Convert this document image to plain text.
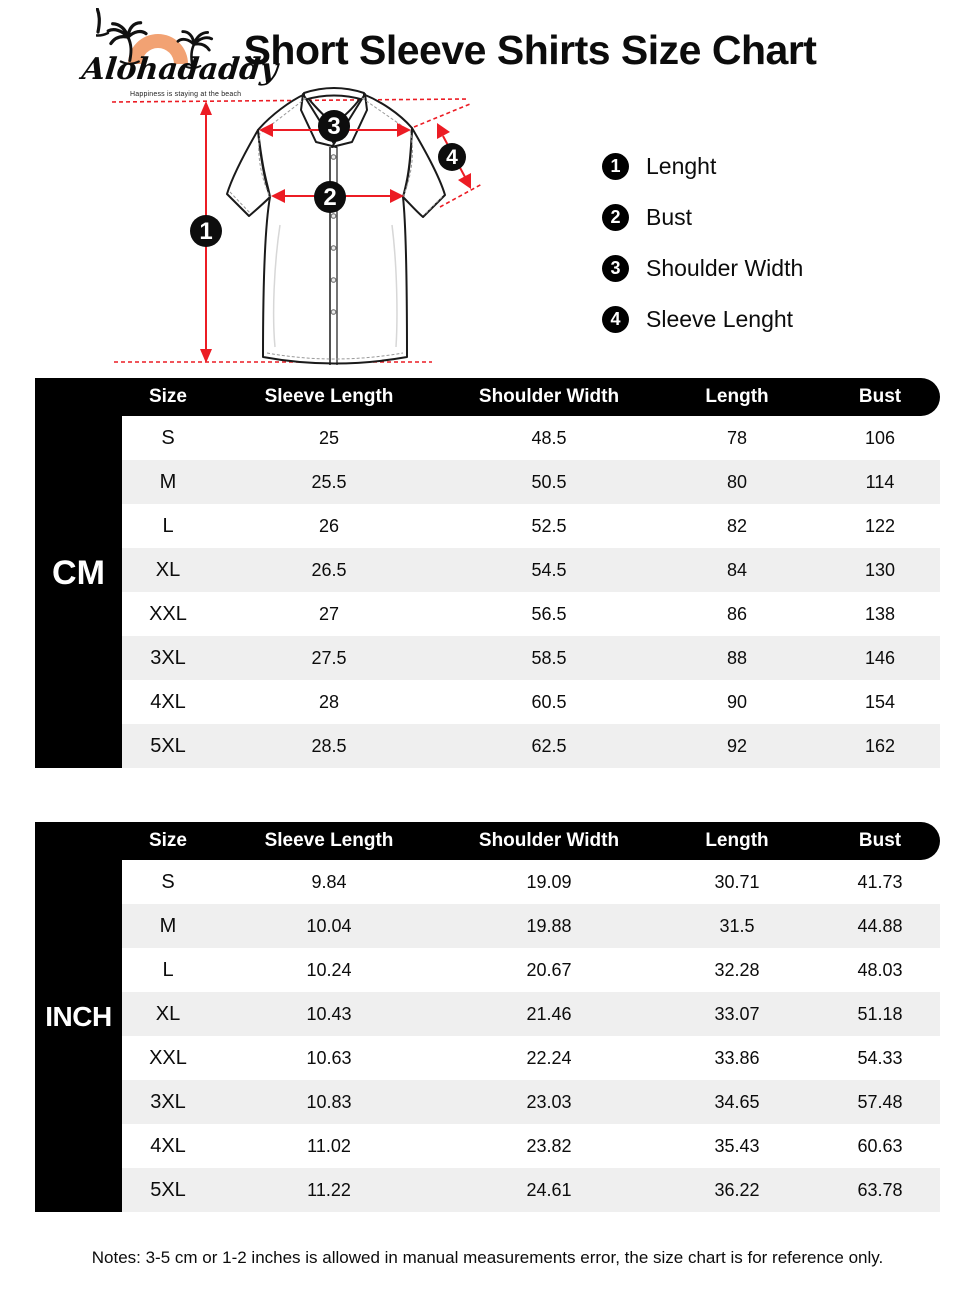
Alohadaddy
Happiness is staying at the beach
Short Sleeve Shirts Size Chart
1
2
3
4	1	Lenght
2	Bust
3	Shoulder Width
4	Sleeve Lenght
Size	Sleeve Length	Shoulder Width	Length	Bust
CM
S	25	48.5	78	106
M	25.5	50.5	80	114
L	26	52.5	82	122
XL	26.5	54.5	84	130
XXL	27	56.5	86	138
3XL	27.5	58.5	88	146
4XL	28	60.5	90	154
5XL	28.5	62.5	92	162
Size	Sleeve Length	Shoulder Width	Length	Bust
INCH
S	9.84	19.09	30.71	41.73
M	10.04	19.88	31.5	44.88
L	10.24	20.67	32.28	48.03
XL	10.43	21.46	33.07	51.18
XXL	10.63	22.24	33.86	54.33
3XL	10.83	23.03	34.65	57.48
4XL	11.02	23.82	35.43	60.63
5XL	11.22	24.61	36.22	63.78

Notes: 3-5 cm or 1-2 inches is allowed in manual measurements error, the size chart is for reference only.
